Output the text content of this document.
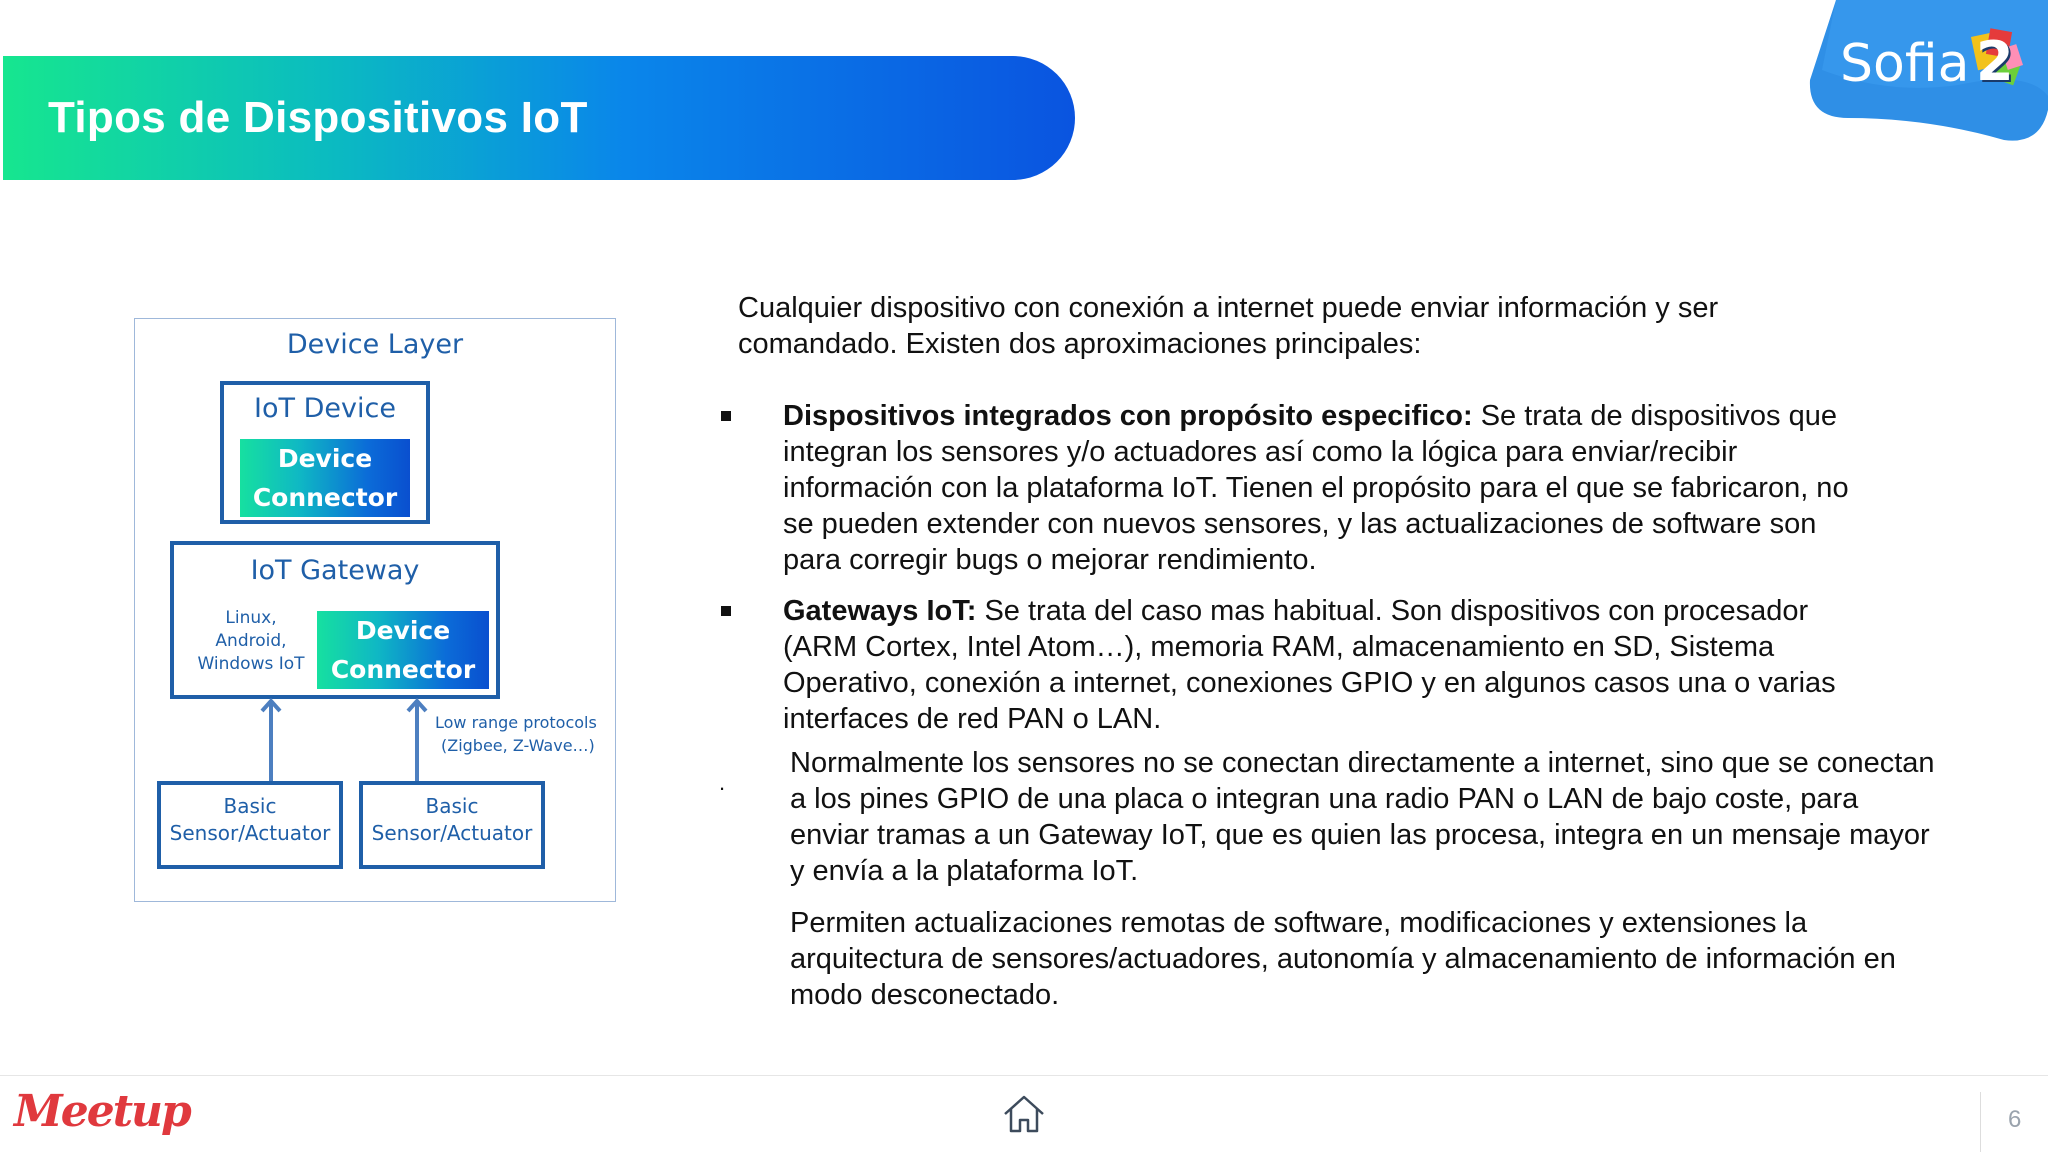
Tipos de Dispositivos IoT
Sofia 2
Device Layer
IoT Device
Device
Connector
IoT Gateway
Linux,
Android,
Windows IoT
Device
Connector
Low range protocols
(Zigbee, Z-Wave…)
Basic
Sensor/Actuator
Basic
Sensor/Actuator
Cualquier dispositivo con conexión a internet puede enviar información y ser
comandado. Existen dos aproximaciones principales:
Dispositivos integrados con propósito especifico: Se trata de dispositivos que
integran los sensores y/o actuadores así como la lógica para enviar/recibir
información con la plataforma IoT. Tienen el propósito para el que se fabricaron, no
se pueden extender con nuevos sensores, y las actualizaciones de software son
para corregir bugs o mejorar rendimiento.
Gateways IoT: Se trata del caso mas habitual. Son dispositivos con procesador
(ARM Cortex, Intel Atom…), memoria RAM, almacenamiento en SD, Sistema
Operativo, conexión a internet, conexiones GPIO y en algunos casos una o varias
interfaces de red PAN o LAN.
.
Normalmente los sensores no se conectan directamente a internet, sino que se conectan
a los pines GPIO de una placa o integran una radio PAN o LAN de bajo coste, para
enviar tramas a un Gateway IoT, que es quien las procesa, integra en un mensaje mayor
y envía a la plataforma IoT.
Permiten actualizaciones remotas de software, modificaciones y extensiones la
arquitectura de sensores/actuadores, autonomía y almacenamiento de información en
modo desconectado.
Meetup	6
